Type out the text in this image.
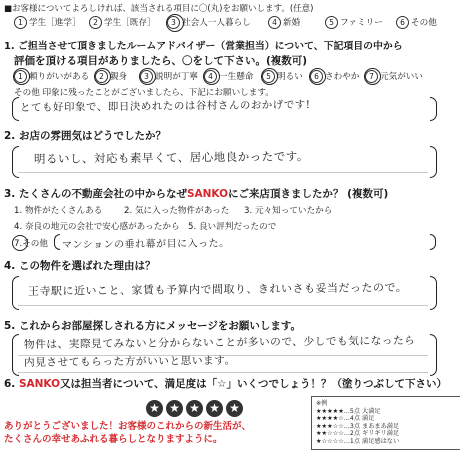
■お客様についてよろしければ、該当される項目に〇(丸)をお願いします。(任意)
1 学生［進学］	2 学生［既存］	3 社会人一人暮らし	4 新婚	5 ファミリー	6 その他
1. ご担当させて頂きましたルームアドバイザー（営業担当）について、下記項目の中から
評価を頂ける項目がありましたら、〇をして下さい。(複数可)
1 頼りがいがある	2 親身	3 説明が丁寧	4 一生懸命	5 明るい	6 さわやか	7 元気がいい
その他 印象に残ったことがございましたら、下記にお願いします。
とても好印象で、即日決めれたのは谷村さんのおかげです!
2. お店の雰囲気はどうでしたか？
明るいし、対応も素早くて、居心地良かったです。
3. たくさんの不動産会社の中からなぜSANKOにご来店頂きましたか？ (複数可)
1. 物件がたくさんある	2. 気に入った物件があった 3. 元々知っていたから
4. 奈良の地元の会社で安心感があったから 5. 良い評判だったので
7.その他 マンションの垂れ幕が目に入った。
4. この物件を選ばれた理由は？
王寺駅に近いこと、家賃も予算内で間取り、きれいさも妥当だったので。
5. これからお部屋探しされる方にメッセージをお願いします。
物件は、実際見てみないと分からないことが多いので、少しでも気になったら
内見させてもらった方がいいと思います。
6. SANKO又は担当者について、満足度は「☆」いくつでしょう！？（塗りつぶして下さい）
★ ★ ★ ★ ★	※例
★★★★★…5点 大満足
★★★★☆…4点 満足
★★★☆☆…3点 まあまあ満足
★★☆☆☆…2点 ギリギリ満足
★☆☆☆☆…1点 満足感はない
ありがとうございました！お客様のこれからの新生活が、
たくさんの幸せあふれる暮らしとなりますように。
